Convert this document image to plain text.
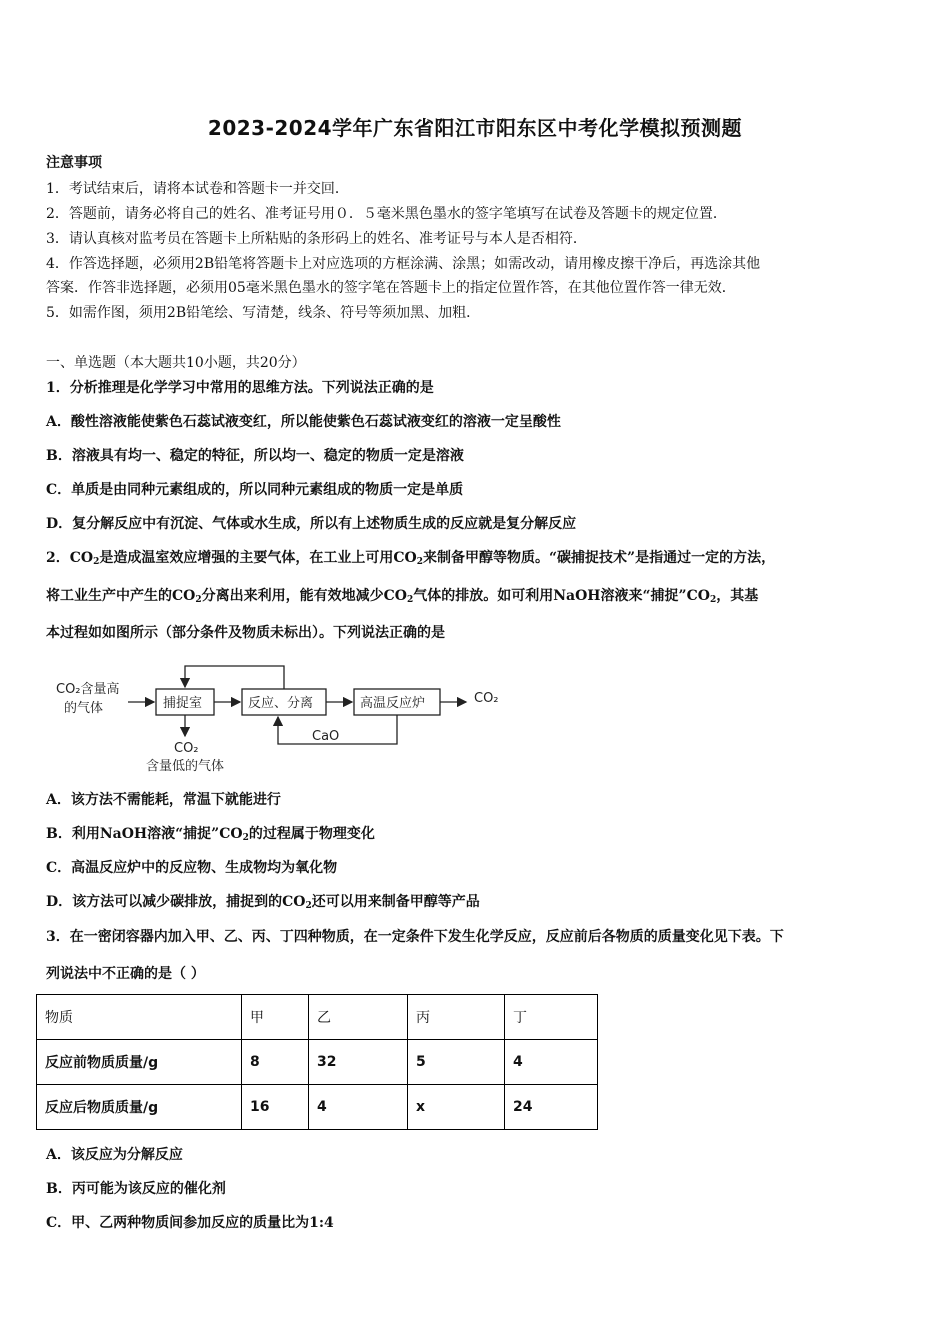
2023-2024学年广东省阳江市阳东区中考化学模拟预测题
注意事项
1．考试结束后，请将本试卷和答题卡一并交回．
2．答题前，请务必将自己的姓名、准考证号用０．５毫米黑色墨水的签字笔填写在试卷及答题卡的规定位置．
3．请认真核对监考员在答题卡上所粘贴的条形码上的姓名、准考证号与本人是否相符．
4．作答选择题，必须用2B铅笔将答题卡上对应选项的方框涂满、涂黑；如需改动，请用橡皮擦干净后，再选涂其他
答案．作答非选择题，必须用05毫米黑色墨水的签字笔在答题卡上的指定位置作答，在其他位置作答一律无效．
5．如需作图，须用2B铅笔绘、写清楚，线条、符号等须加黑、加粗．
一、单选题（本大题共10小题，共20分）
1．分析推理是化学学习中常用的思维方法。下列说法正确的是
A．酸性溶液能使紫色石蕊试液变红，所以能使紫色石蕊试液变红的溶液一定呈酸性
B．溶液具有均一、稳定的特征，所以均一、稳定的物质一定是溶液
C．单质是由同种元素组成的，所以同种元素组成的物质一定是单质
D．复分解反应中有沉淀、气体或水生成，所以有上述物质生成的反应就是复分解反应
2．$CO_2$是造成温室效应增强的主要气体，在工业上可用$CO_2$来制备甲醇等物质。“碳捕捉技术”是指通过一定的方法，
将工业生产中产生的$CO_2$分离出来利用，能有效地减少$CO_2$气体的排放。如可利用NaOH溶液来“捕捉$”CO_2$，其基
本过程如如图所示（部分条件及物质未标出）。下列说法正确的是
CO₂含量高
的气体	捕捉室	反应、分离	高温反应炉	CO₂
CaO
CO₂
含量低的气体
A．该方法不需能耗，常温下就能进行
B．利用NaOH溶液“捕捉$”CO_2$的过程属于物理变化
C．高温反应炉中的反应物、生成物均为氧化物
D．该方法可以减少碳排放，捕捉到的$CO_2$还可以用来制备甲醇等产品
3．在一密闭容器内加入甲、乙、丙、丁四种物质，在一定条件下发生化学反应，反应前后各物质的质量变化见下表。下
列说法中不正确的是（ ）
物质	甲	乙	丙	丁
反应前物质质量/g	8	32	5	4
反应后物质质量/g	16	4	x	24
A．该反应为分解反应
B．丙可能为该反应的催化剂
C．甲、乙两种物质间参加反应的质量比为1:4
